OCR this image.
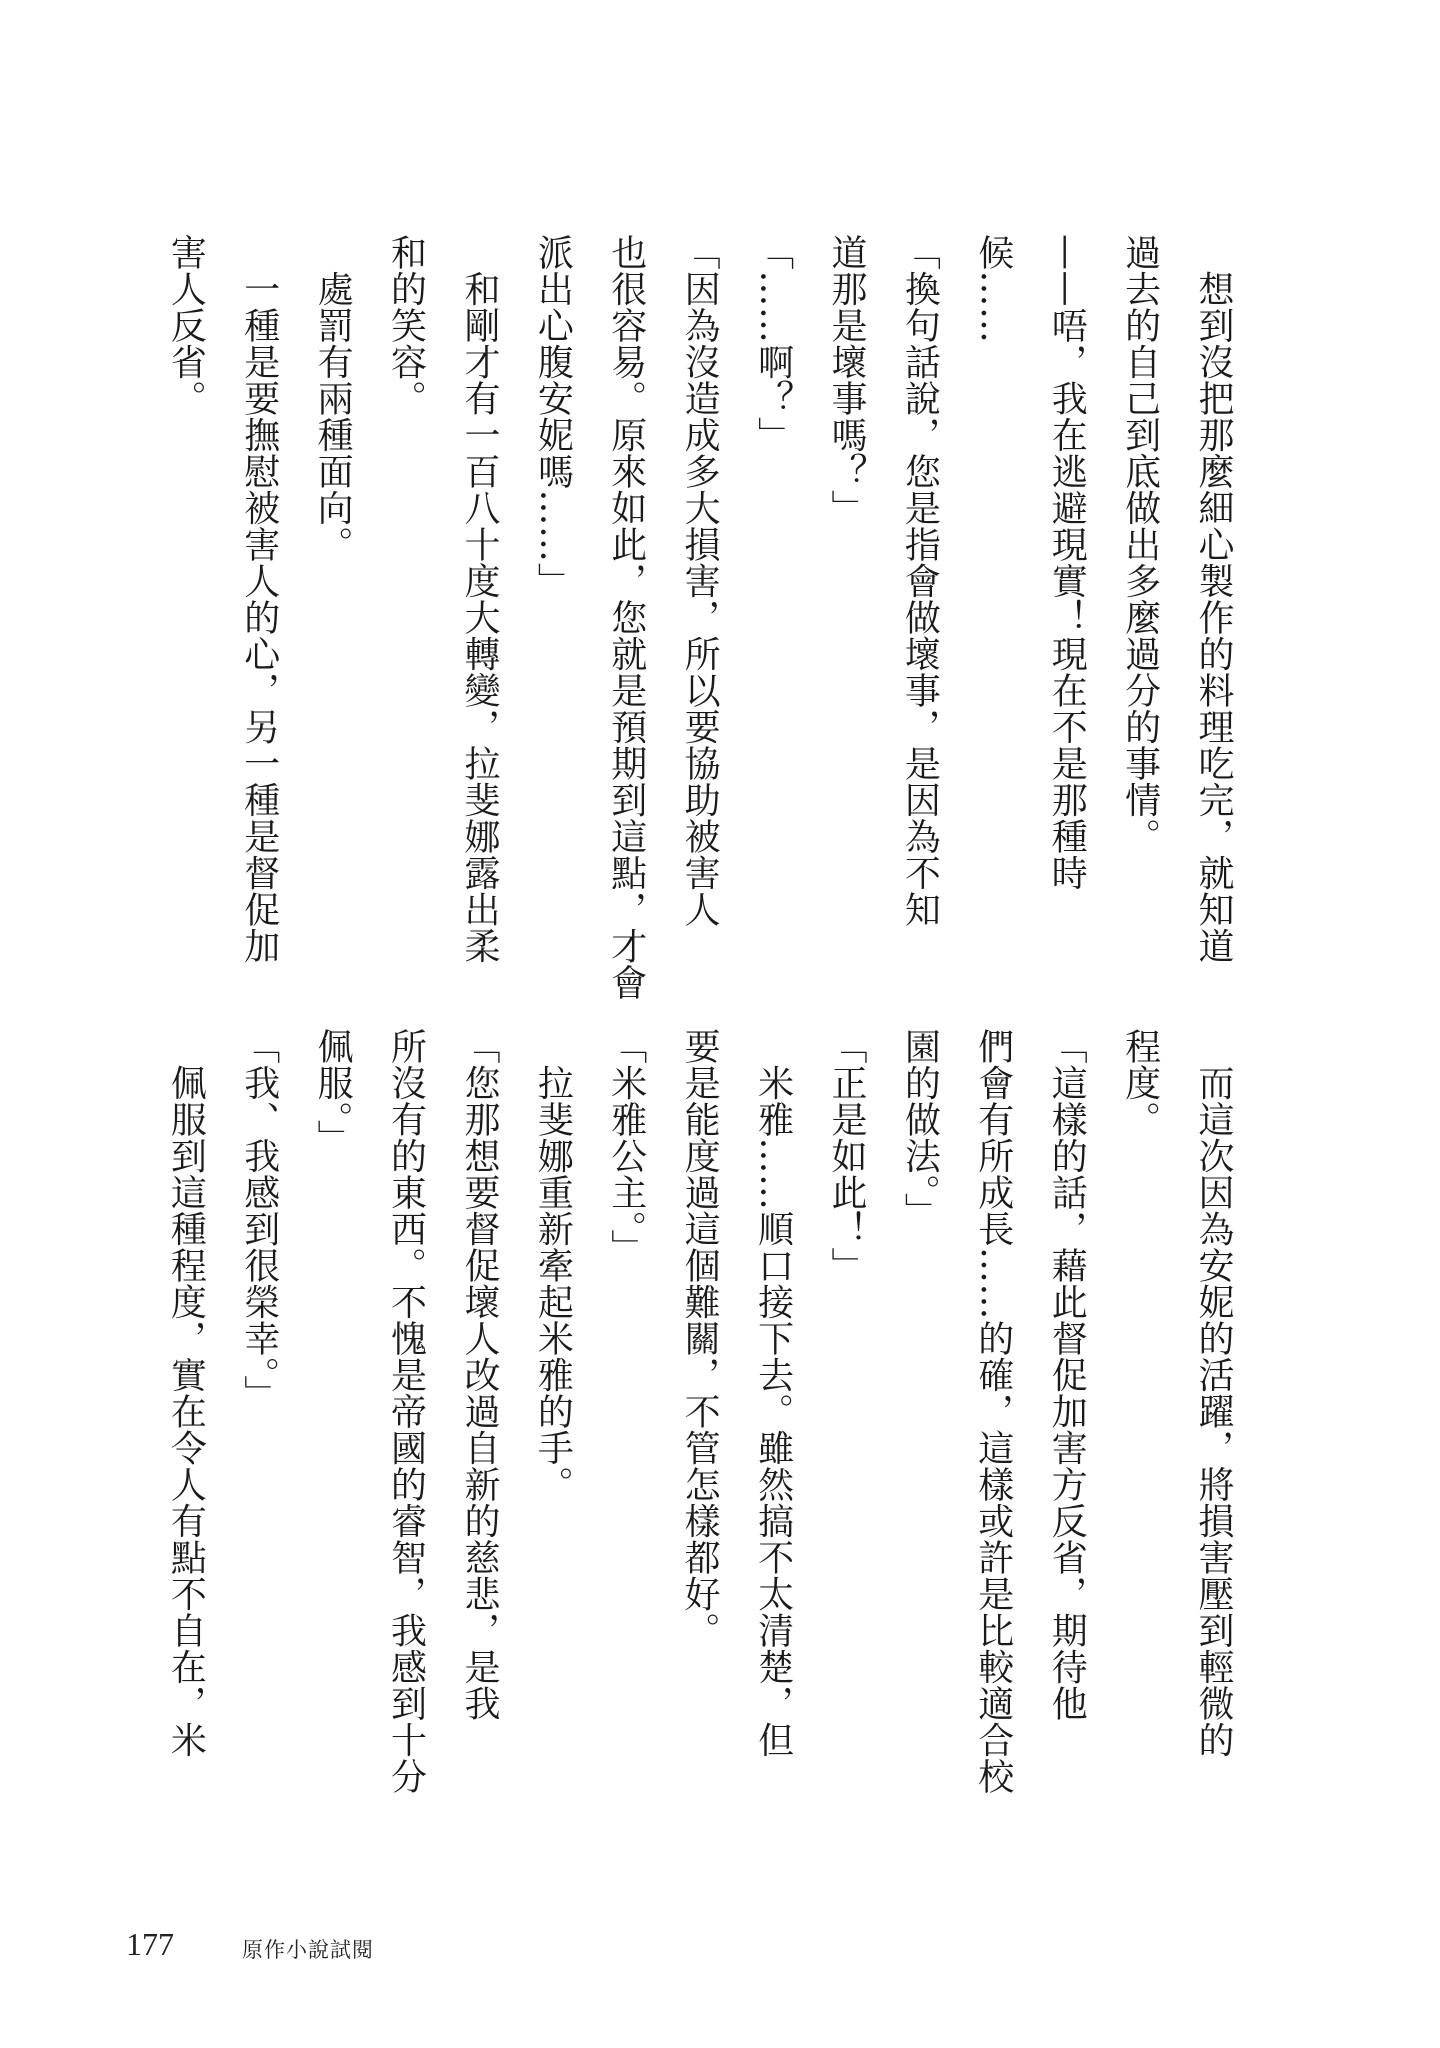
　想到沒把那麼細心製作的料理吃完，就知道
過去的自己到底做出多麼過分的事情。
——唔，我在逃避現實！現在不是那種時
候……
「換句話說，您是指會做壞事，是因為不知
道那是壞事嗎？」
「……啊？」
「因為沒造成多大損害，所以要協助被害人
也很容易。原來如此，您就是預期到這點，才會
派出心腹安妮嗎……」
　和剛才有一百八十度大轉變，拉斐娜露出柔
和的笑容。
　處罰有兩種面向。
　一種是要撫慰被害人的心，另一種是督促加
害人反省。
　而這次因為安妮的活躍，將損害壓到輕微的
程度。
「這樣的話，藉此督促加害方反省，期待他
們會有所成長……的確，這樣或許是比較適合校
園的做法。」
「正是如此！」
　米雅……順口接下去。雖然搞不太清楚，但
要是能度過這個難關，不管怎樣都好。
「米雅公主。」
　拉斐娜重新牽起米雅的手。
「您那想要督促壞人改過自新的慈悲，是我
所沒有的東西。不愧是帝國的睿智，我感到十分
佩服。」
「我、我感到很榮幸。」
　佩服到這種程度，實在令人有點不自在，米
177	原作小說試閱
